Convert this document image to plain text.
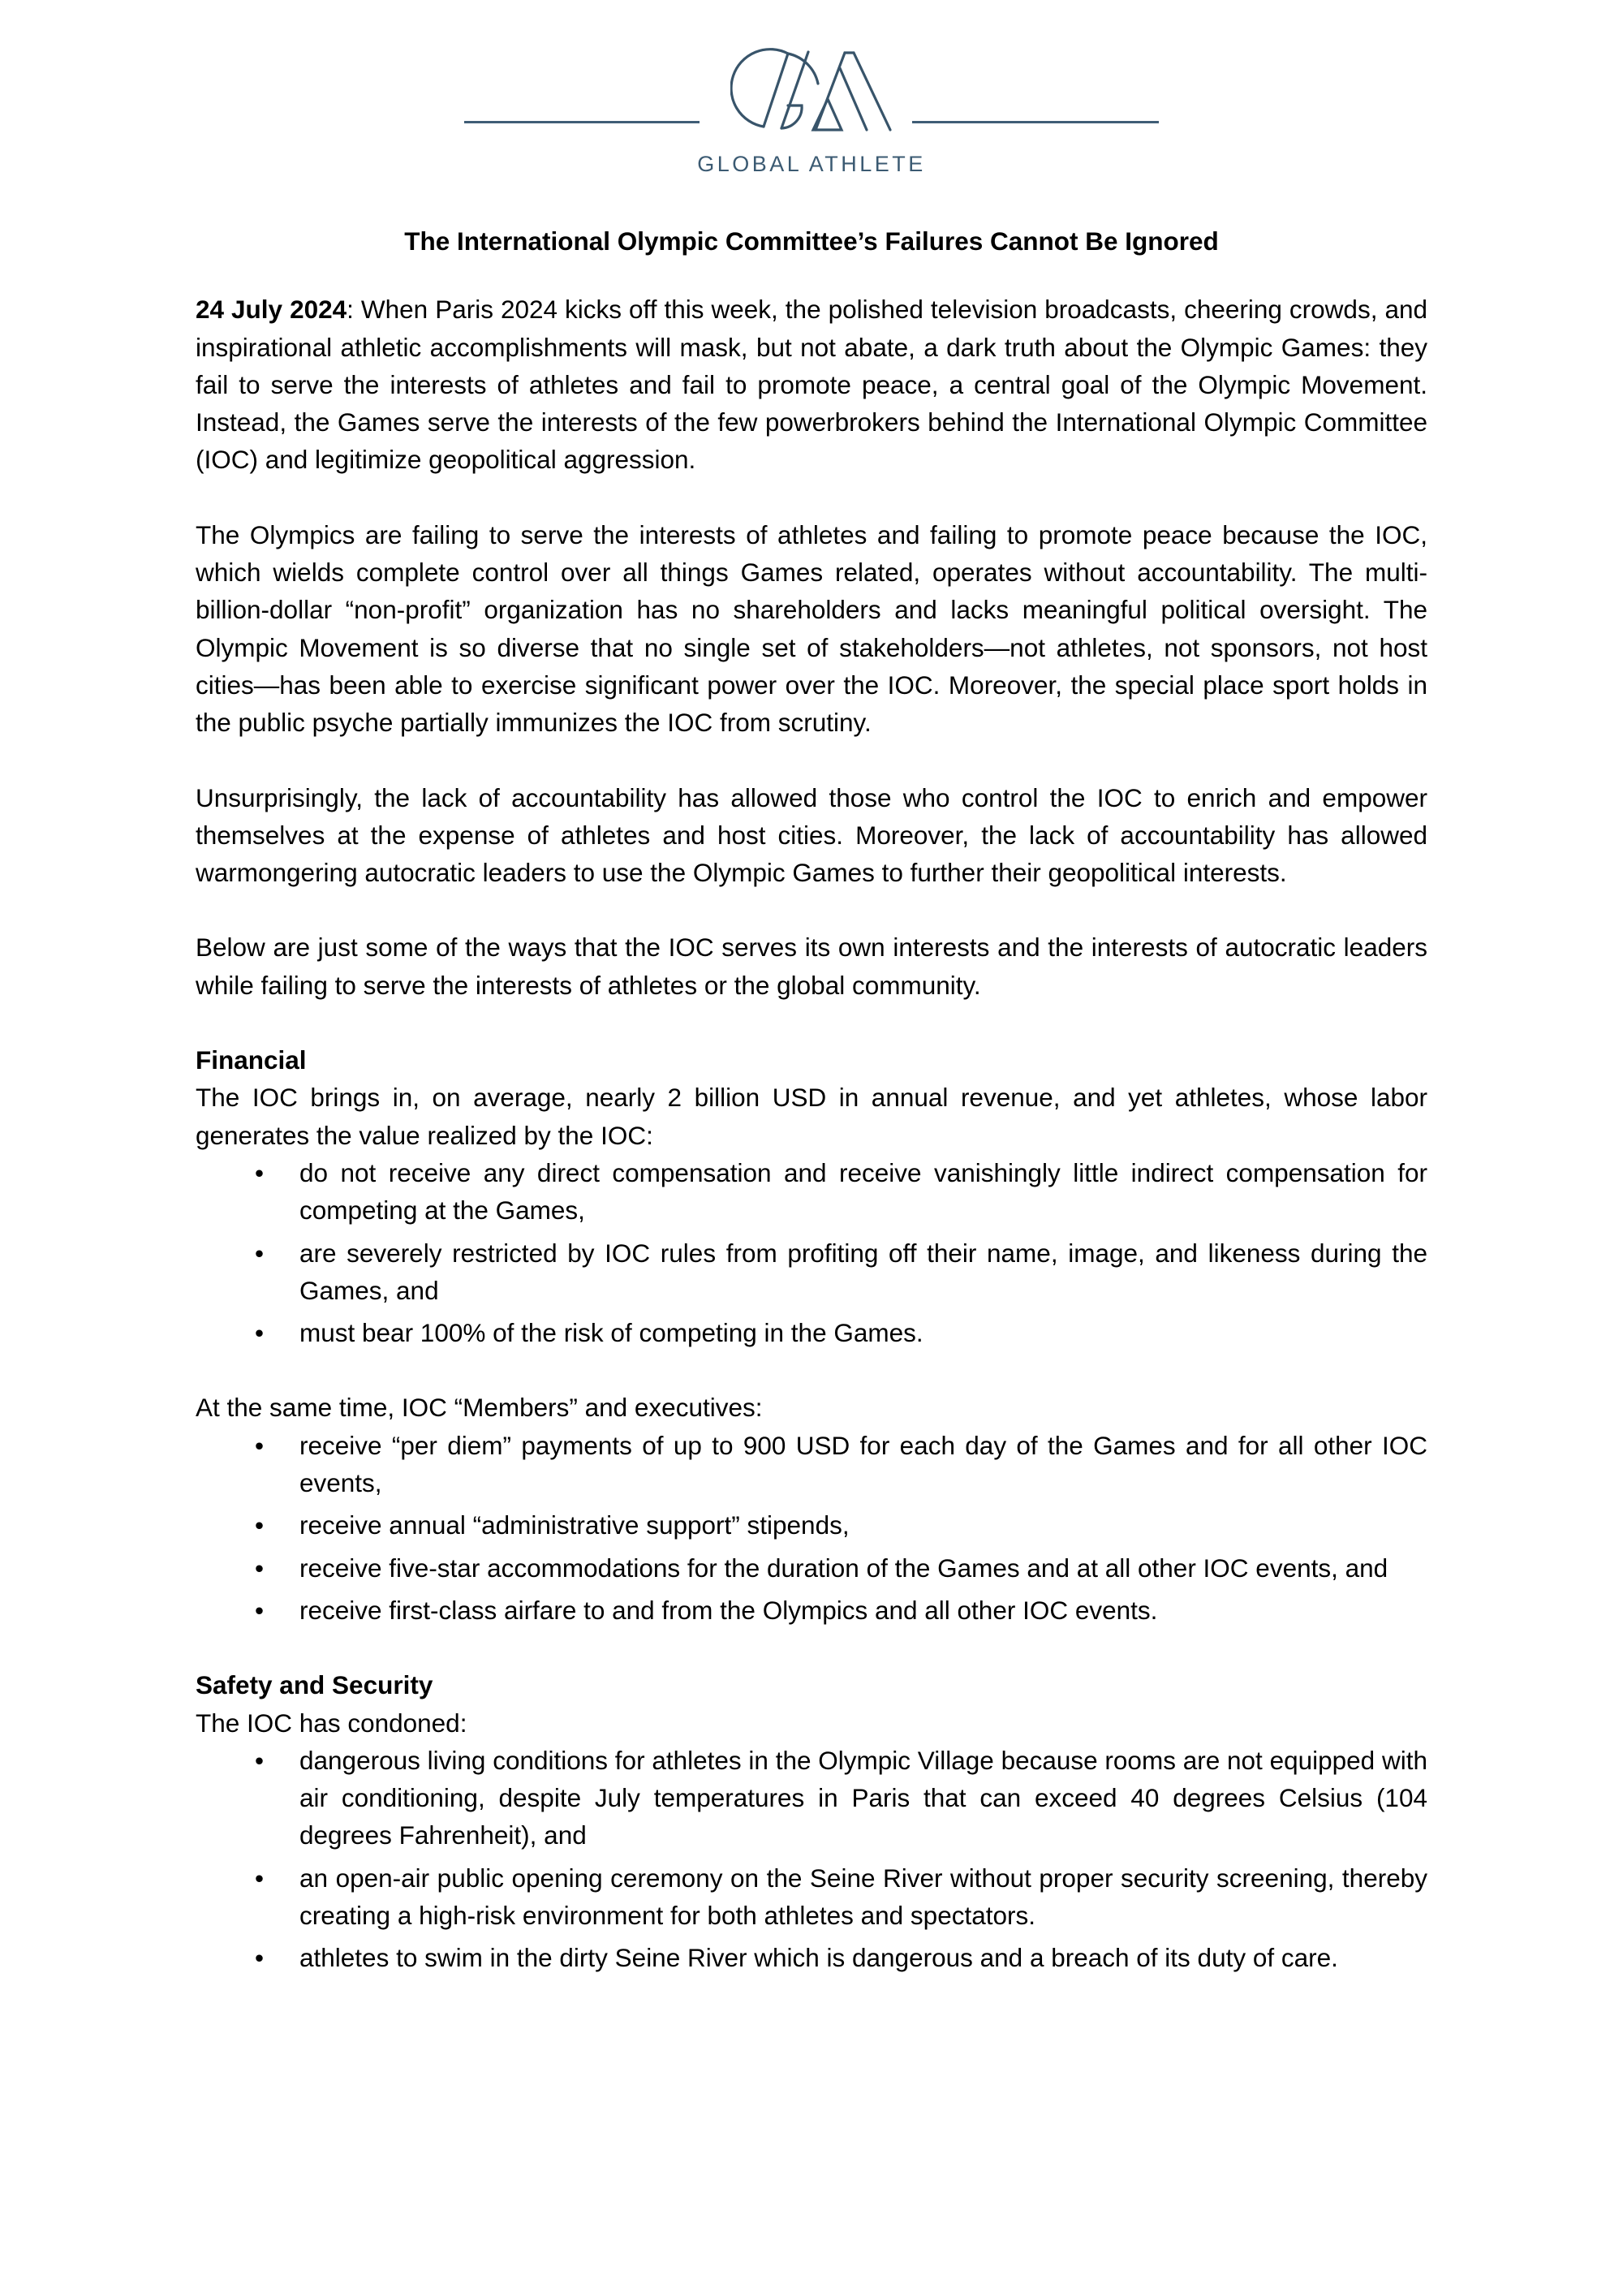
GLOBAL ATHLETE
The International Olympic Committee’s Failures Cannot Be Ignored

24 July 2024: When Paris 2024 kicks off this week, the polished television broadcasts, cheering crowds, and inspirational athletic accomplishments will mask, but not abate, a dark truth about the Olympic Games: they fail to serve the interests of athletes and fail to promote peace, a central goal of the Olympic Movement. Instead, the Games serve the interests of the few powerbrokers behind the International Olympic Committee (IOC) and legitimize geopolitical aggression.

The Olympics are failing to serve the interests of athletes and failing to promote peace because the IOC, which wields complete control over all things Games related, operates without accountability. The multi-billion-dollar “non-profit” organization has no shareholders and lacks meaningful political oversight. The Olympic Movement is so diverse that no single set of stakeholders—not athletes, not sponsors, not host cities—has been able to exercise significant power over the IOC. Moreover, the special place sport holds in the public psyche partially immunizes the IOC from scrutiny.

Unsurprisingly, the lack of accountability has allowed those who control the IOC to enrich and empower themselves at the expense of athletes and host cities. Moreover, the lack of accountability has allowed warmongering autocratic leaders to use the Olympic Games to further their geopolitical interests.

Below are just some of the ways that the IOC serves its own interests and the interests of autocratic leaders while failing to serve the interests of athletes or the global community.

Financial

The IOC brings in, on average, nearly 2 billion USD in annual revenue, and yet athletes, whose labor generates the value realized by the IOC:

• do not receive any direct compensation and receive vanishingly little indirect compensation for competing at the Games,
• are severely restricted by IOC rules from profiting off their name, image, and likeness during the Games, and
• must bear 100% of the risk of competing in the Games.

At the same time, IOC “Members” and executives:

• receive “per diem” payments of up to 900 USD for each day of the Games and for all other IOC events,
• receive annual “administrative support” stipends,
• receive five-star accommodations for the duration of the Games and at all other IOC events, and
• receive first-class airfare to and from the Olympics and all other IOC events.
Safety and Security

The IOC has condoned:

• dangerous living conditions for athletes in the Olympic Village because rooms are not equipped with air conditioning, despite July temperatures in Paris that can exceed 40 degrees Celsius (104 degrees Fahrenheit), and
• an open-air public opening ceremony on the Seine River without proper security screening, thereby creating a high-risk environment for both athletes and spectators.
• athletes to swim in the dirty Seine River which is dangerous and a breach of its duty of care.
